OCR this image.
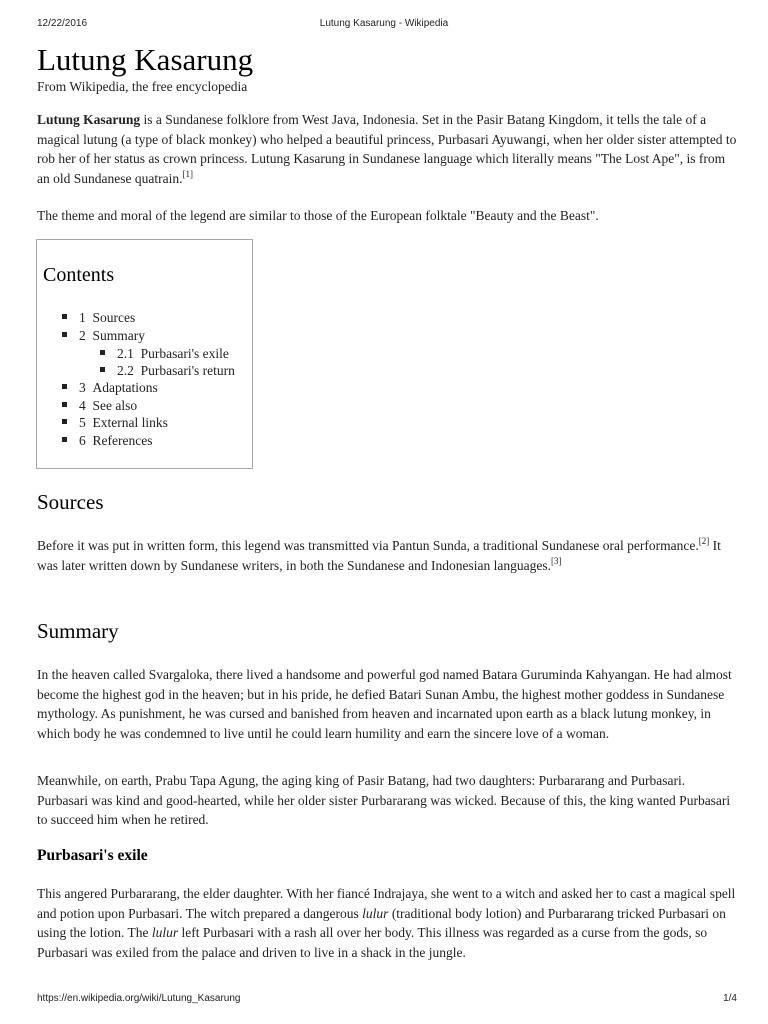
12/22/2016	Lutung Kasarung - Wikipedia
Lutung Kasarung
From Wikipedia, the free encyclopedia

Lutung Kasarung is a Sundanese folklore from West Java, Indonesia. Set in the Pasir Batang Kingdom, it tells the tale of a magical lutung (a type of black monkey) who helped a beautiful princess, Purbasari Ayuwangi, when her older sister attempted to rob her of her status as crown princess. Lutung Kasarung in Sundanese language which literally means "The Lost Ape", is from an old Sundanese quatrain.[1]

The theme and moral of the legend are similar to those of the European folktale "Beauty and the Beast".

Contents
1 Sources
2 Summary
2.1 Purbasari's exile
2.2 Purbasari's return
3 Adaptations
4 See also
5 External links
6 References
Sources

Before it was put in written form, this legend was transmitted via Pantun Sunda, a traditional Sundanese oral performance.[2] It was later written down by Sundanese writers, in both the Sundanese and Indonesian languages.[3]

Summary

In the heaven called Svargaloka, there lived a handsome and powerful god named Batara Guruminda Kahyangan. He had almost become the highest god in the heaven; but in his pride, he defied Batari Sunan Ambu, the highest mother goddess in Sundanese mythology. As punishment, he was cursed and banished from heaven and incarnated upon earth as a black lutung monkey, in which body he was condemned to live until he could learn humility and earn the sincere love of a woman.

Meanwhile, on earth, Prabu Tapa Agung, the aging king of Pasir Batang, had two daughters: Purbararang and Purbasari. Purbasari was kind and good-hearted, while her older sister Purbararang was wicked. Because of this, the king wanted Purbasari to succeed him when he retired.

Purbasari's exile

This angered Purbararang, the elder daughter. With her fiancé Indrajaya, she went to a witch and asked her to cast a magical spell and potion upon Purbasari. The witch prepared a dangerous lulur (traditional body lotion) and Purbararang tricked Purbasari on using the lotion. The lulur left Purbasari with a rash all over her body. This illness was regarded as a curse from the gods, so Purbasari was exiled from the palace and driven to live in a shack in the jungle.

https://en.wikipedia.org/wiki/Lutung_Kasarung	1/4
